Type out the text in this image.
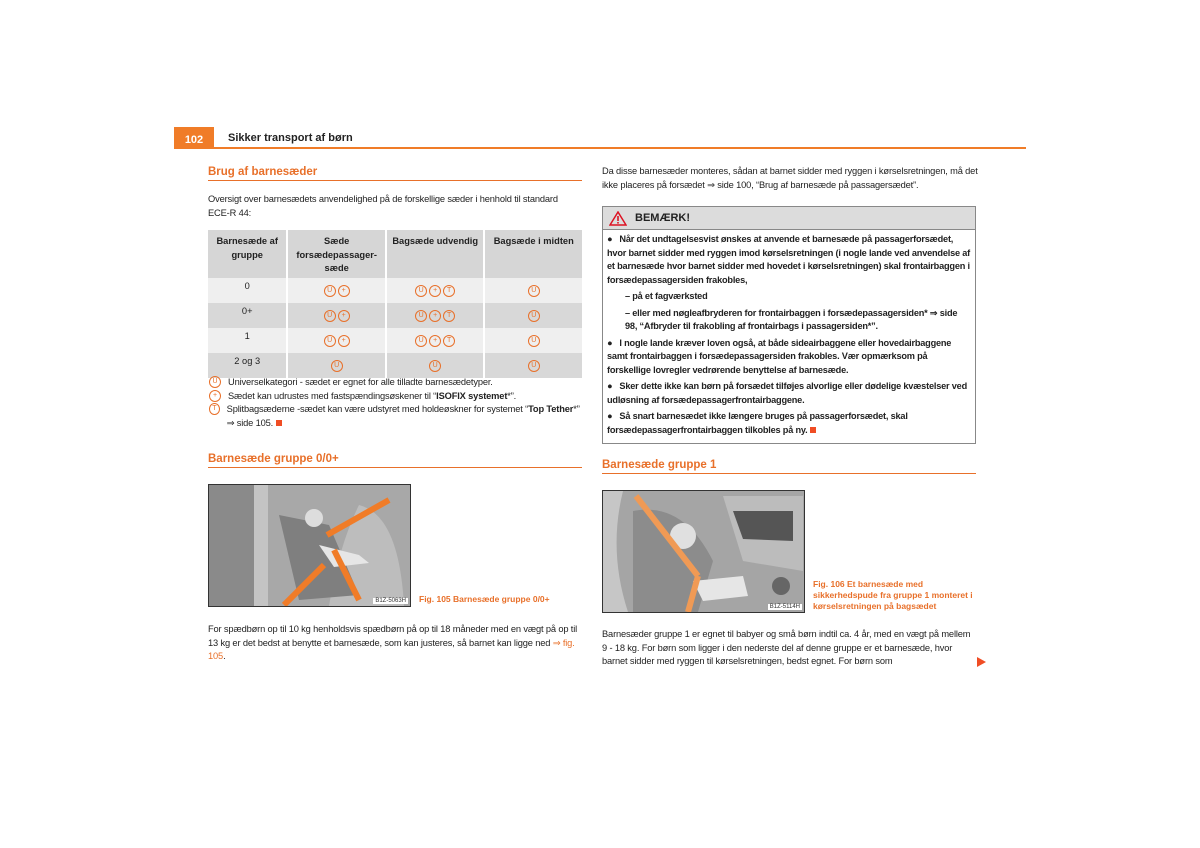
102	Sikker transport af børn
Brug af barnesæder
Oversigt over barnesædets anvendelighed på de forskellige sæder i henhold til standard ECE-R 44:
Barnesæde af gruppe	Sæde forsædepassager-sæde	Bagsæde udvendig	Bagsæde i midten
0	U +	U + T	U
0+	U +	U + T	U
1	U +	U + T	U
2 og 3	U	U	U
U	Universelkategori - sædet er egnet for alle tilladte barnesædetyper.
+	Sædet kan udrustes med fastspændingsøskener til “ISOFIX systemet*”.
T	Splitbagsæderne -sædet kan være udstyret med holdeøskner for systemet “Top Tether*” ⇒ side 105.
Barnesæde gruppe 0/0+
B1Z-5063H Fig. 105 Barnesæde gruppe 0/0+
For spædbørn op til 10 kg henholdsvis spædbørn på op til 18 måneder med en vægt på op til 13 kg er det bedst at benytte et barnesæde, som kan justeres, så barnet kan ligge ned ⇒ fig. 105.
Da disse barnesæder monteres, sådan at barnet sidder med ryggen i kørselsretningen, må det ikke placeres på forsædet ⇒ side 100, “Brug af barnesæde på passagersædet”.
BEMÆRK!

●   Når det undtagelsesvist ønskes at anvende et barnesæde på passagerforsædet, hvor barnet sidder med ryggen imod kørselsretningen (i nogle lande ved anvendelse af et barnesæde hvor barnet sidder med hovedet i kørselsretningen) skal frontairbaggen i forsædepassagersiden frakobles,

– på et fagværksted

– eller med nøgleafbryderen for frontairbaggen i forsædepassagersiden* ⇒ side 98, “Afbryder til frakobling af frontairbags i passagersiden*”.

●   I nogle lande kræver loven også, at både sideairbaggene eller hovedairbaggene samt frontairbaggen i forsædepassagersiden frakobles. Vær opmærksom på forskellige lovregler vedrørende benyttelse af barnesæde.

●   Sker dette ikke kan børn på forsædet tilføjes alvorlige eller dødelige kvæstelser ved udløsning af forsædepassagerfrontairbaggene.

●   Så snart barnesædet ikke længere bruges på passagerforsædet, skal forsædepassagerfrontairbaggen tilkobles på ny.

Barnesæde gruppe 1
B1Z-5114H
Fig. 106 Et barnesæde med sikkerhedspude fra gruppe 1 monteret i kørselsretningen på bagsædet
Barnesæder gruppe 1 er egnet til babyer og små børn indtil ca. 4 år, med en vægt på mellem 9 - 18 kg. For børn som ligger i den nederste del af denne gruppe er et barnesæde, hvor barnet sidder med ryggen til kørselsretningen, bedst egnet. For børn som
